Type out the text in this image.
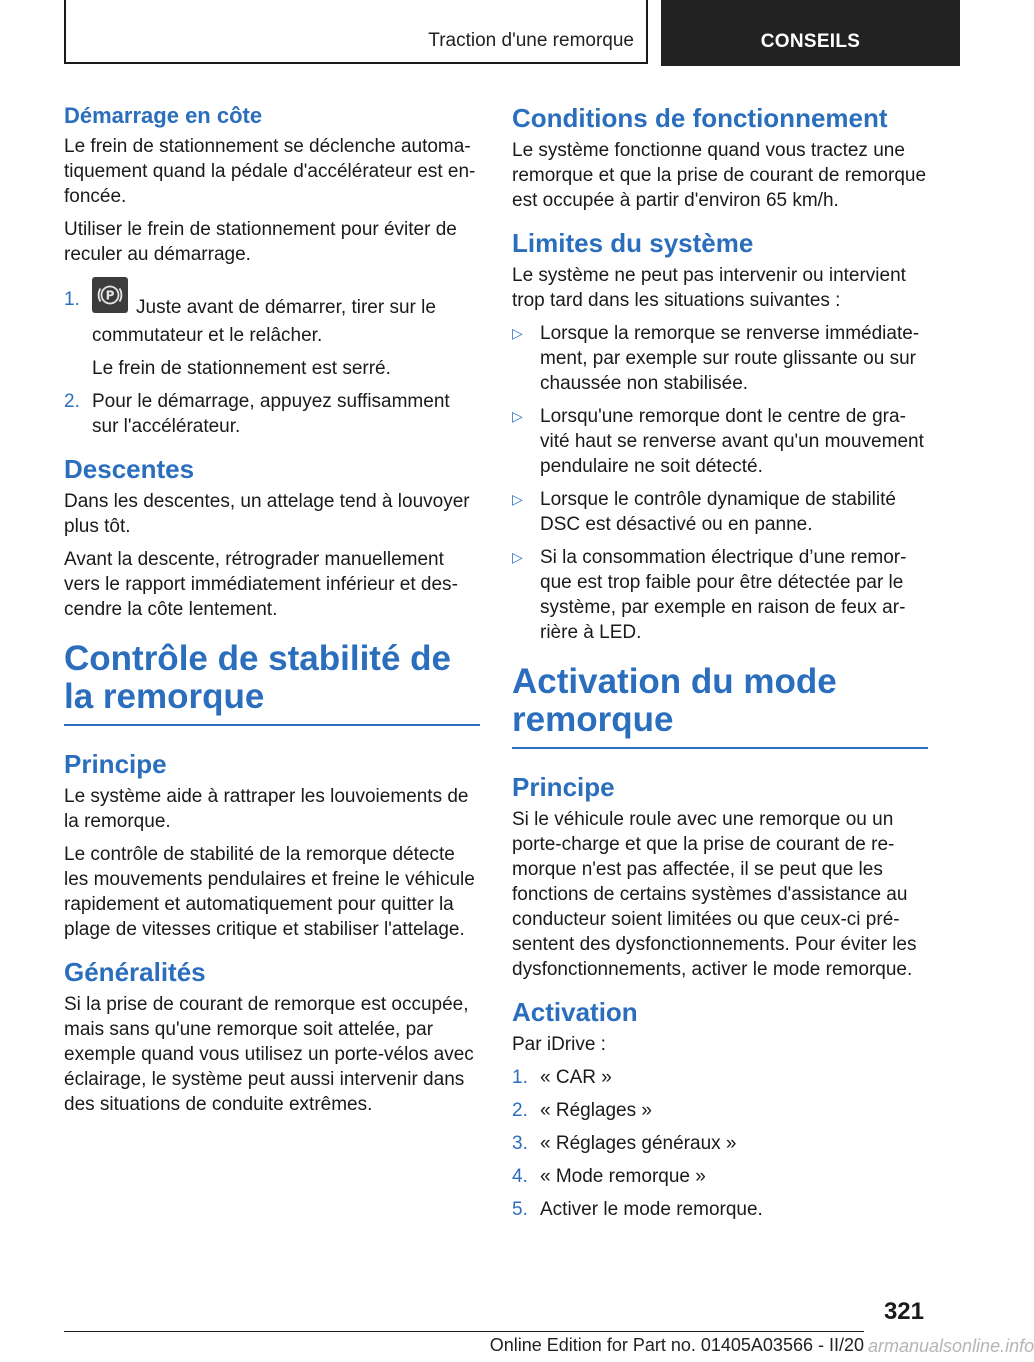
Traction d'une remorque	CONSEILS
Démarrage en côte

Le frein de stationnement se déclenche automatiquement quand la pédale d'accélérateur est enfoncée.

Utiliser le frein de stationnement pour éviter de reculer au démarrage.

1. P
Juste avant de démarrer, tirer sur le commutateur et le relâcher.
Le frein de stationnement est serré.
2. Pour le démarrage, appuyez suffisamment sur l'accélérateur.
Descentes

Dans les descentes, un attelage tend à louvoyer plus tôt.

Avant la descente, rétrograder manuellement vers le rapport immédiatement inférieur et descendre la côte lentement.

Contrôle de stabilité de la remorque
Principe

Le système aide à rattraper les louvoiements de la remorque.

Le contrôle de stabilité de la remorque détecte les mouvements pendulaires et freine le véhicule rapidement et automatiquement pour quitter la plage de vitesses critique et stabiliser l'attelage.

Généralités

Si la prise de courant de remorque est occupée, mais sans qu'une remorque soit attelée, par exemple quand vous utilisez un porte-vélos avec éclairage, le système peut aussi intervenir dans des situations de conduite extrêmes.

Conditions de fonctionnement

Le système fonctionne quand vous tractez une remorque et que la prise de courant de remorque est occupée à partir d'environ 65 km/h.

Limites du système

Le système ne peut pas intervenir ou intervient trop tard dans les situations suivantes :

▷ Lorsque la remorque se renverse immédiatement, par exemple sur route glissante ou sur chaussée non stabilisée.
▷ Lorsqu'une remorque dont le centre de gravité haut se renverse avant qu'un mouvement pendulaire ne soit détecté.
▷ Lorsque le contrôle dynamique de stabilité DSC est désactivé ou en panne.
▷ Si la consommation électrique d’une remorque est trop faible pour être détectée par le système, par exemple en raison de feux arrière à LED.
Activation du mode remorque
Principe

Si le véhicule roule avec une remorque ou un porte-charge et que la prise de courant de remorque n'est pas affectée, il se peut que les fonctions de certains systèmes d'assistance au conducteur soient limitées ou que ceux-ci présentent des dysfonctionnements. Pour éviter les dysfonctionnements, activer le mode remorque.

Activation

Par iDrive :

1. « CAR »
2. « Réglages »
3. « Réglages généraux »
4. « Mode remorque »
5. Activer le mode remorque.
321
Online Edition for Part no. 01405A03566 - II/20 armanualsonline.info
